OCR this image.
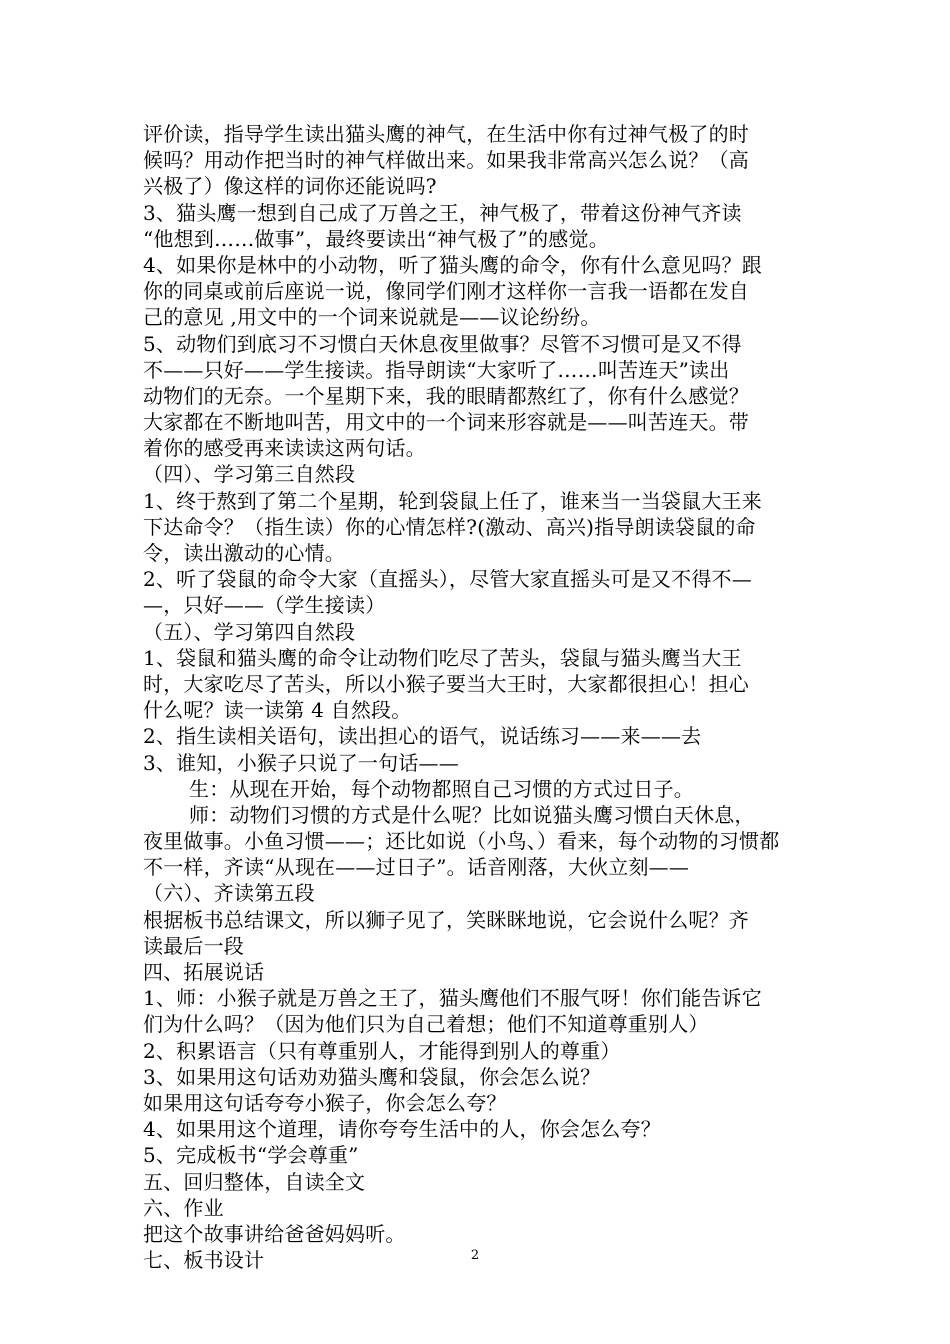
评价读，指导学生读出猫头鹰的神气，在生活中你有过神气极了的时
候吗？用动作把当时的神气样做出来。如果我非常高兴怎么说？（高
兴极了）像这样的词你还能说吗?
3、猫头鹰一想到自己成了万兽之王，神气极了，带着这份神气齐读
“他想到……做事”，最终要读出“神气极了”的感觉。
4、如果你是林中的小动物，听了猫头鹰的命令，你有什么意见吗？跟
你的同桌或前后座说一说，像同学们刚才这样你一言我一语都在发自
己的意见 ,用文中的一个词来说就是——议论纷纷。
5、动物们到底习不习惯白天休息夜里做事？尽管不习惯可是又不得
不——只好——学生接读。指导朗读“大家听了……叫苦连天”读出
动物们的无奈。一个星期下来，我的眼睛都熬红了，你有什么感觉？
大家都在不断地叫苦，用文中的一个词来形容就是——叫苦连天。带
着你的感受再来读读这两句话。
（四）、学习第三自然段
1、终于熬到了第二个星期，轮到袋鼠上任了，谁来当一当袋鼠大王来
下达命令？（指生读）你的心情怎样?(激动、高兴)指导朗读袋鼠的命
令，读出激动的心情。
2、听了袋鼠的命令大家（直摇头），尽管大家直摇头可是又不得不—
—，只好——（学生接读）
（五）、学习第四自然段
1、袋鼠和猫头鹰的命令让动物们吃尽了苦头，袋鼠与猫头鹰当大王
时，大家吃尽了苦头，所以小猴子要当大王时，大家都很担心！担心
什么呢？读一读第 4 自然段。
2、指生读相关语句，读出担心的语气，说话练习——来——去
3、谁知，小猴子只说了一句话——
生：从现在开始，每个动物都照自己习惯的方式过日子。
师：动物们习惯的方式是什么呢？比如说猫头鹰习惯白天休息，
夜里做事。小鱼习惯——；还比如说（小鸟、）看来，每个动物的习惯都
不一样，齐读“从现在——过日子”。话音刚落，大伙立刻——
（六）、齐读第五段
根据板书总结课文，所以狮子见了，笑眯眯地说，它会说什么呢？齐
读最后一段
四、拓展说话
1、师：小猴子就是万兽之王了，猫头鹰他们不服气呀！你们能告诉它
们为什么吗？（因为他们只为自己着想；他们不知道尊重别人）
2、积累语言（只有尊重别人，才能得到别人的尊重）
3、如果用这句话劝劝猫头鹰和袋鼠，你会怎么说？
如果用这句话夸夸小猴子，你会怎么夸？
4、如果用这个道理，请你夸夸生活中的人，你会怎么夸？
5、完成板书“学会尊重”
五、回归整体，自读全文
六、作业
把这个故事讲给爸爸妈妈听。
七、板书设计	2
